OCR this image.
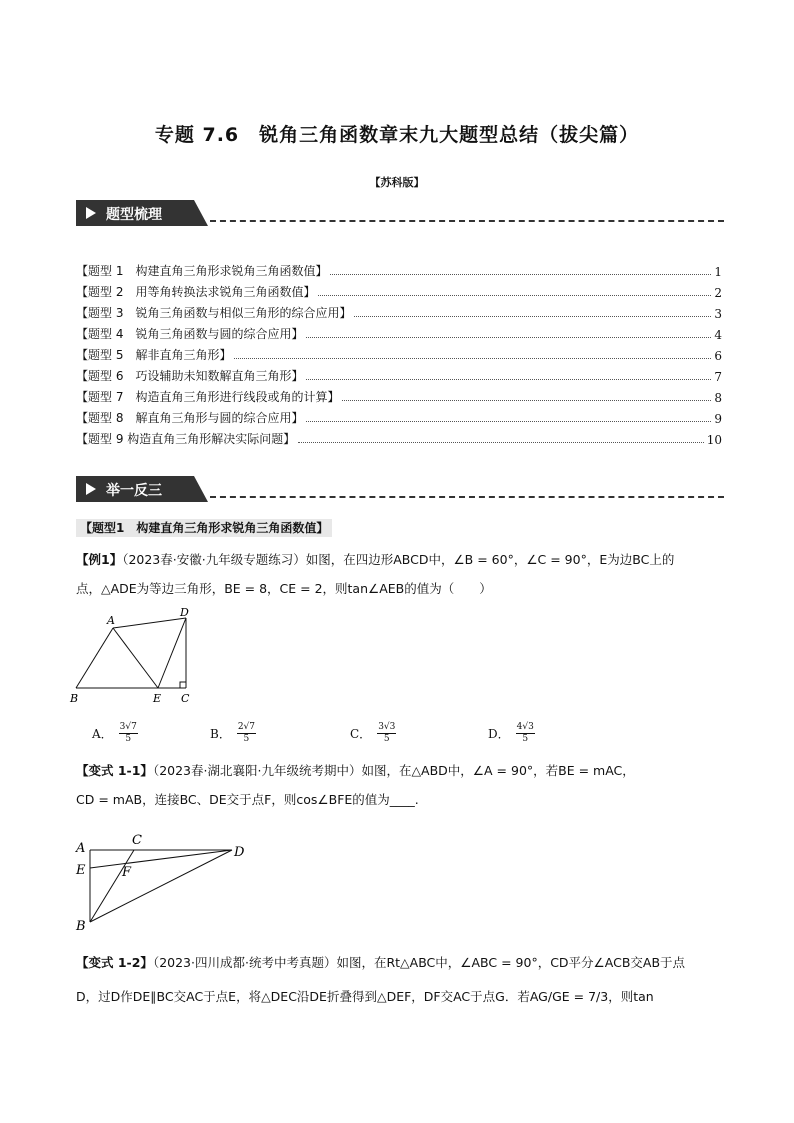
专题 7.6　锐角三角函数章末九大题型总结（拔尖篇）
【苏科版】
题型梳理
【题型 1　构建直角三角形求锐角三角函数值】	1
【题型 2　用等角转换法求锐角三角函数值】	2
【题型 3　锐角三角函数与相似三角形的综合应用】	3
【题型 4　锐角三角函数与圆的综合应用】	4
【题型 5　解非直角三角形】	6
【题型 6　巧设辅助未知数解直角三角形】	7
【题型 7　构造直角三角形进行线段或角的计算】	8
【题型 8　解直角三角形与圆的综合应用】	9
【题型 9 构造直角三角形解决实际问题】	10
举一反三
【题型1　构建直角三角形求锐角三角函数值】
【例1】（2023春·安徽·九年级专题练习）如图，在四边形ABCD中，∠B = 60°，∠C = 90°，E为边BC上的
点，△ADE为等边三角形，BE = 8，CE = 2，则tan∠AEB的值为（　　）
A
B	C
D
E
A． $\frac{3√7}{5}$	B． $\frac{2√7}{5}$	C． $\frac{3√3}{5}$	D． $\frac{4√3}{5}$
【变式 1-1】（2023春·湖北襄阳·九年级统考期中）如图，在△ABD中，∠A = 90°，若BE = mAC，
CD = mAB，连接BC、DE交于点F，则cos∠BFE的值为____.
A
C
D
E	F
B
【变式 1-2】（2023·四川成都·统考中考真题）如图，在Rt△ABC中，∠ABC = 90°，CD平分∠ACB交AB于点
D，过D作DE∥BC交AC于点E，将△DEC沿DE折叠得到△DEF，DF交AC于点G．若AG/GE = 7/3，则tan
